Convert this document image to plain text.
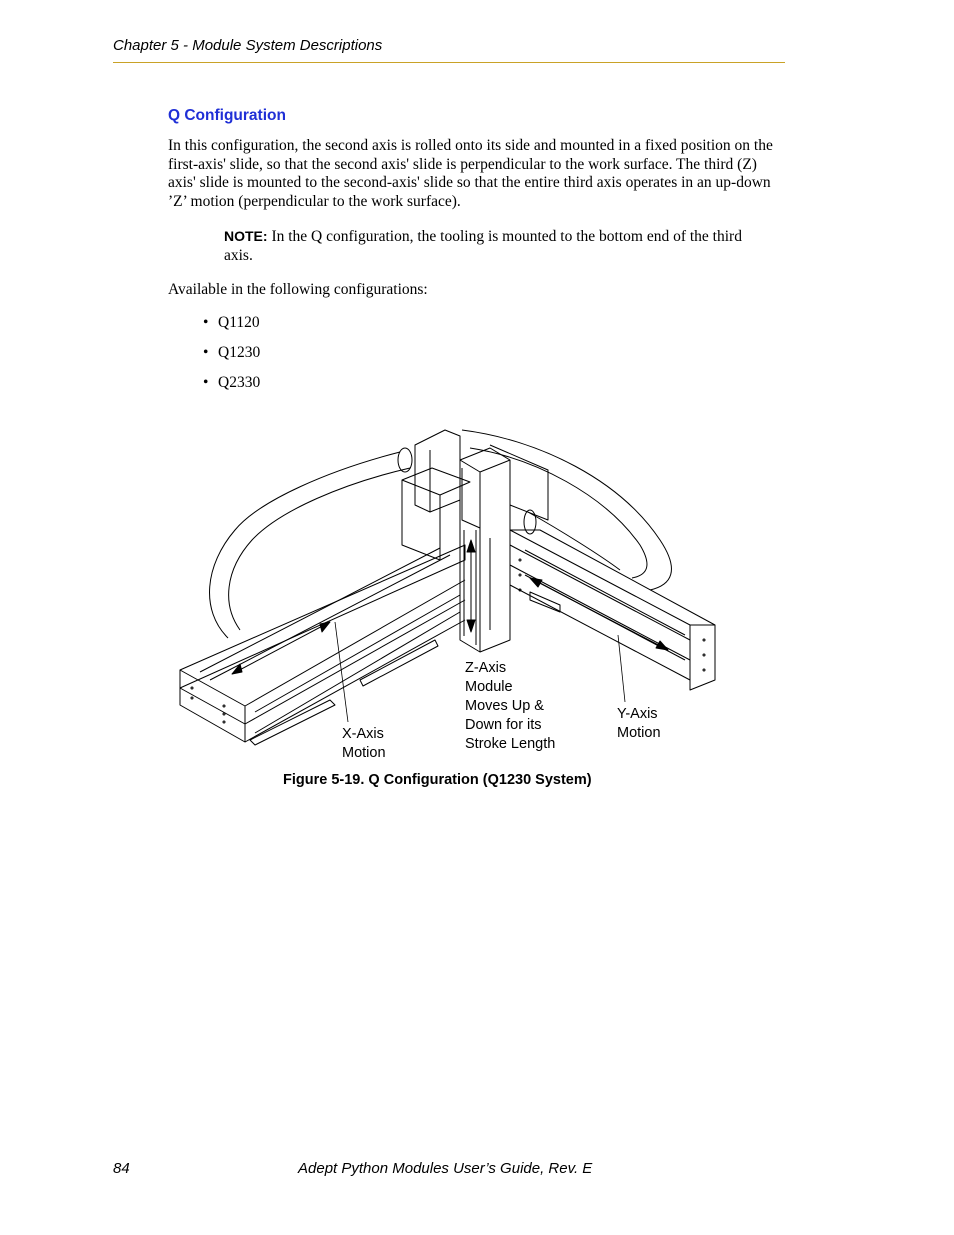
Chapter 5 - Module System Descriptions
Q Configuration
In this configuration, the second axis is rolled onto its side and mounted in a fixed position on the first-axis' slide, so that the second axis' slide is perpendicular to the work surface. The third (Z) axis' slide is mounted to the second-axis' slide so that the entire third axis operates in an up-down ’Z’ motion (perpendicular to the work surface).
NOTE: In the Q configuration, the tooling is mounted to the bottom end of the third axis.
Available in the following configurations:
• Q1120
• Q1230
• Q2330
X-Axis
Motion
Z-Axis
Module
Moves Up &
Down for its
Stroke Length
Y-Axis
Motion
Figure 5-19. Q Configuration (Q1230 System)
84	Adept Python Modules User’s Guide, Rev. E
